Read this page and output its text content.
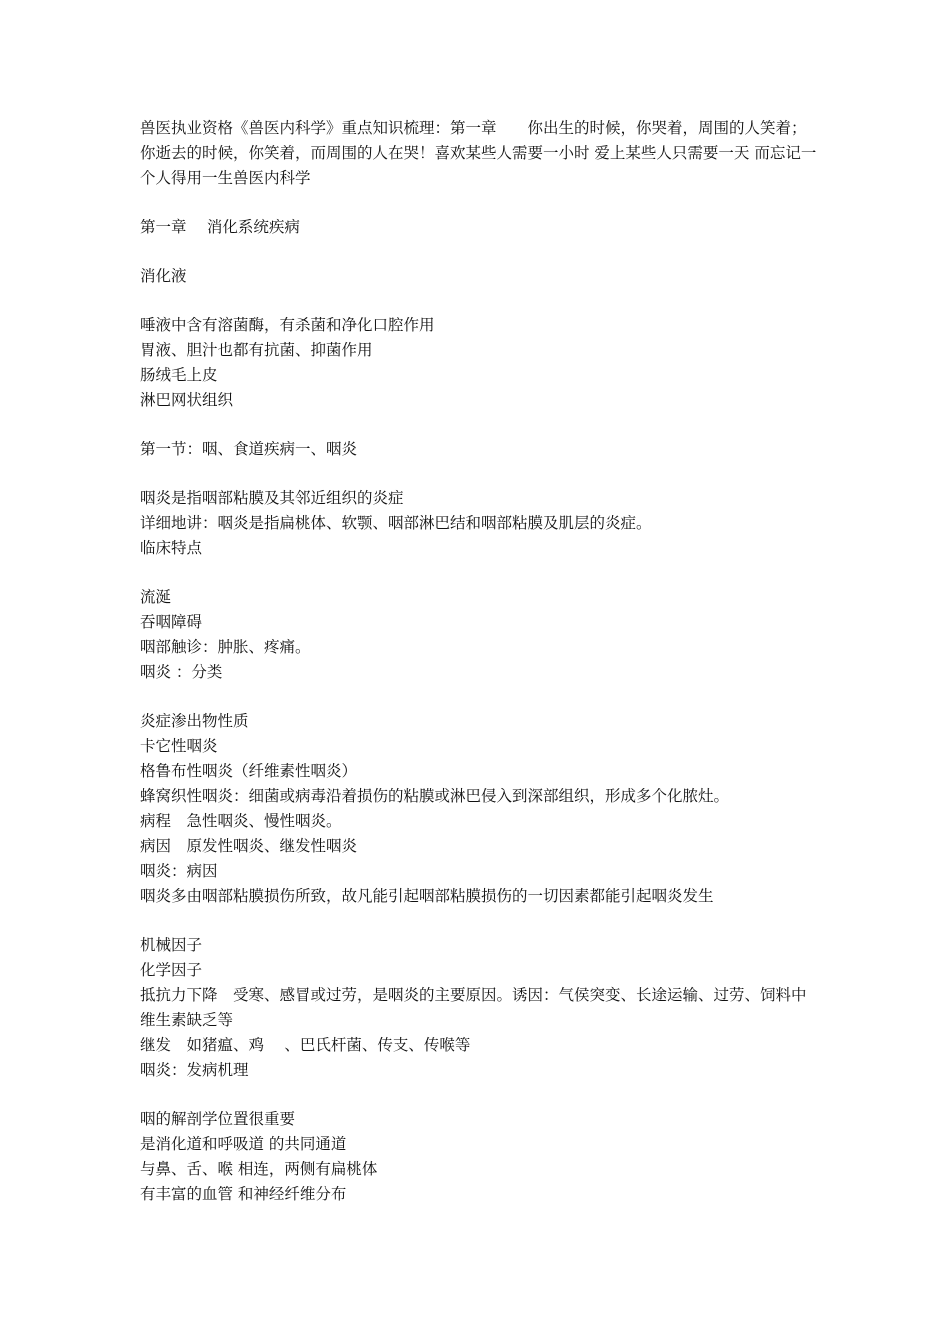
兽医执业资格《兽医内科学》重点知识梳理：第一章　　你出生的时候，你哭着，周围的人笑着；你逝去的时候，你笑着，而周围的人在哭！喜欢某些人需要一小时 爱上某些人只需要一天 而忘记一个人得用一生兽医内科学

第一章　 消化系统疾病
消化液
唾液中含有溶菌酶，有杀菌和净化口腔作用
胃液、胆汁也都有抗菌、抑菌作用
肠绒毛上皮
淋巴网状组织
第一节：咽、食道疾病一、咽炎
咽炎是指咽部粘膜及其邻近组织的炎症
详细地讲：咽炎是指扁桃体、软颚、咽部淋巴结和咽部粘膜及肌层的炎症。
临床特点
流涎
吞咽障碍
咽部触诊：肿胀、疼痛。
咽炎 ：分类
炎症渗出物性质
卡它性咽炎
格鲁布性咽炎（纤维素性咽炎）
蜂窝织性咽炎：细菌或病毒沿着损伤的粘膜或淋巴侵入到深部组织，形成多个化脓灶。
病程　急性咽炎、慢性咽炎。
病因　原发性咽炎、继发性咽炎
咽炎：病因
咽炎多由咽部粘膜损伤所致，故凡能引起咽部粘膜损伤的一切因素都能引起咽炎发生
机械因子
化学因子
抵抗力下降　受寒、感冒或过劳，是咽炎的主要原因。诱因：气侯突变、长途运输、过劳、饲料中维生素缺乏等
继发　如猪瘟、鸡　 、巴氏杆菌、传支、传喉等
咽炎：发病机理
咽的解剖学位置很重要
是消化道和呼吸道 的共同通道
与鼻、舌、喉 相连，两侧有扁桃体
有丰富的血管 和神经纤维分布
